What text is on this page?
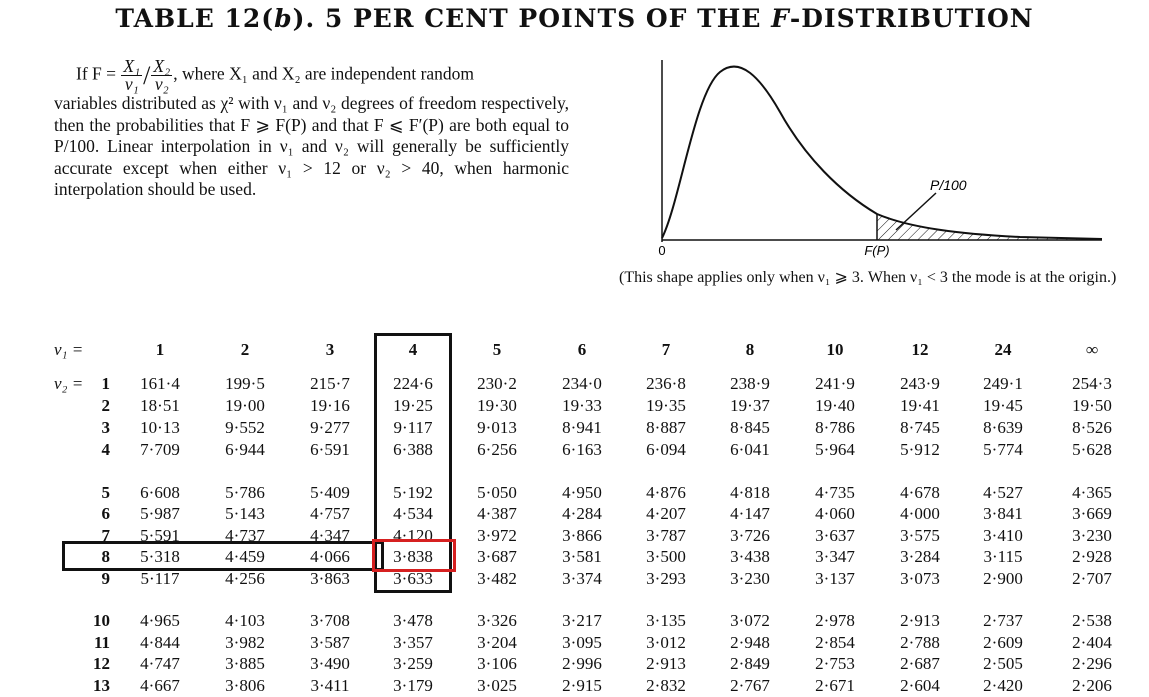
TABLE 12(b). 5 PER CENT POINTS OF THE F-DISTRIBUTION
If $F = \frac{\text{X₁}}{\text{ν₁}} / \frac{\text{X₂}}{\text{ν₂}}$ , where X₁ and X₂ are independent random
variables distributed as χ² with ν₁ and ν₂ degrees of freedom respectively, then the probabilities that F ⩾ F(P) and that F ⩽ F′(P) are both equal to P/100. Linear interpolation in ν₁ and ν₂ will generally be sufficiently accurate except when either ν₁ > 12 or ν₂ > 40, when harmonic interpolation should be used.
0	F(P)
P/100
(This shape applies only when ν₁ ⩾ 3. When ν₁ < 3 the mode is at the origin.)
ν₁ =
ν₂ =
1	2	3	4	5	6	7	8	10	12	24	∞
1	161·4	199·5	215·7	224·6	230·2	234·0	236·8	238·9	241·9	243·9	249·1	254·3
2	18·51	19·00	19·16	19·25	19·30	19·33	19·35	19·37	19·40	19·41	19·45	19·50
3	10·13	9·552	9·277	9·117	9·013	8·941	8·887	8·845	8·786	8·745	8·639	8·526
4	7·709	6·944	6·591	6·388	6·256	6·163	6·094	6·041	5·964	5·912	5·774	5·628
5	6·608	5·786	5·409	5·192	5·050	4·950	4·876	4·818	4·735	4·678	4·527	4·365
6	5·987	5·143	4·757	4·534	4·387	4·284	4·207	4·147	4·060	4·000	3·841	3·669
7	5·591	4·737	4·347	4·120	3·972	3·866	3·787	3·726	3·637	3·575	3·410	3·230
8	5·318	4·459	4·066	3·838	3·687	3·581	3·500	3·438	3·347	3·284	3·115	2·928
9	5·117	4·256	3·863	3·633	3·482	3·374	3·293	3·230	3·137	3·073	2·900	2·707
10	4·965	4·103	3·708	3·478	3·326	3·217	3·135	3·072	2·978	2·913	2·737	2·538
11	4·844	3·982	3·587	3·357	3·204	3·095	3·012	2·948	2·854	2·788	2·609	2·404
12	4·747	3·885	3·490	3·259	3·106	2·996	2·913	2·849	2·753	2·687	2·505	2·296
13	4·667	3·806	3·411	3·179	3·025	2·915	2·832	2·767	2·671	2·604	2·420	2·206
